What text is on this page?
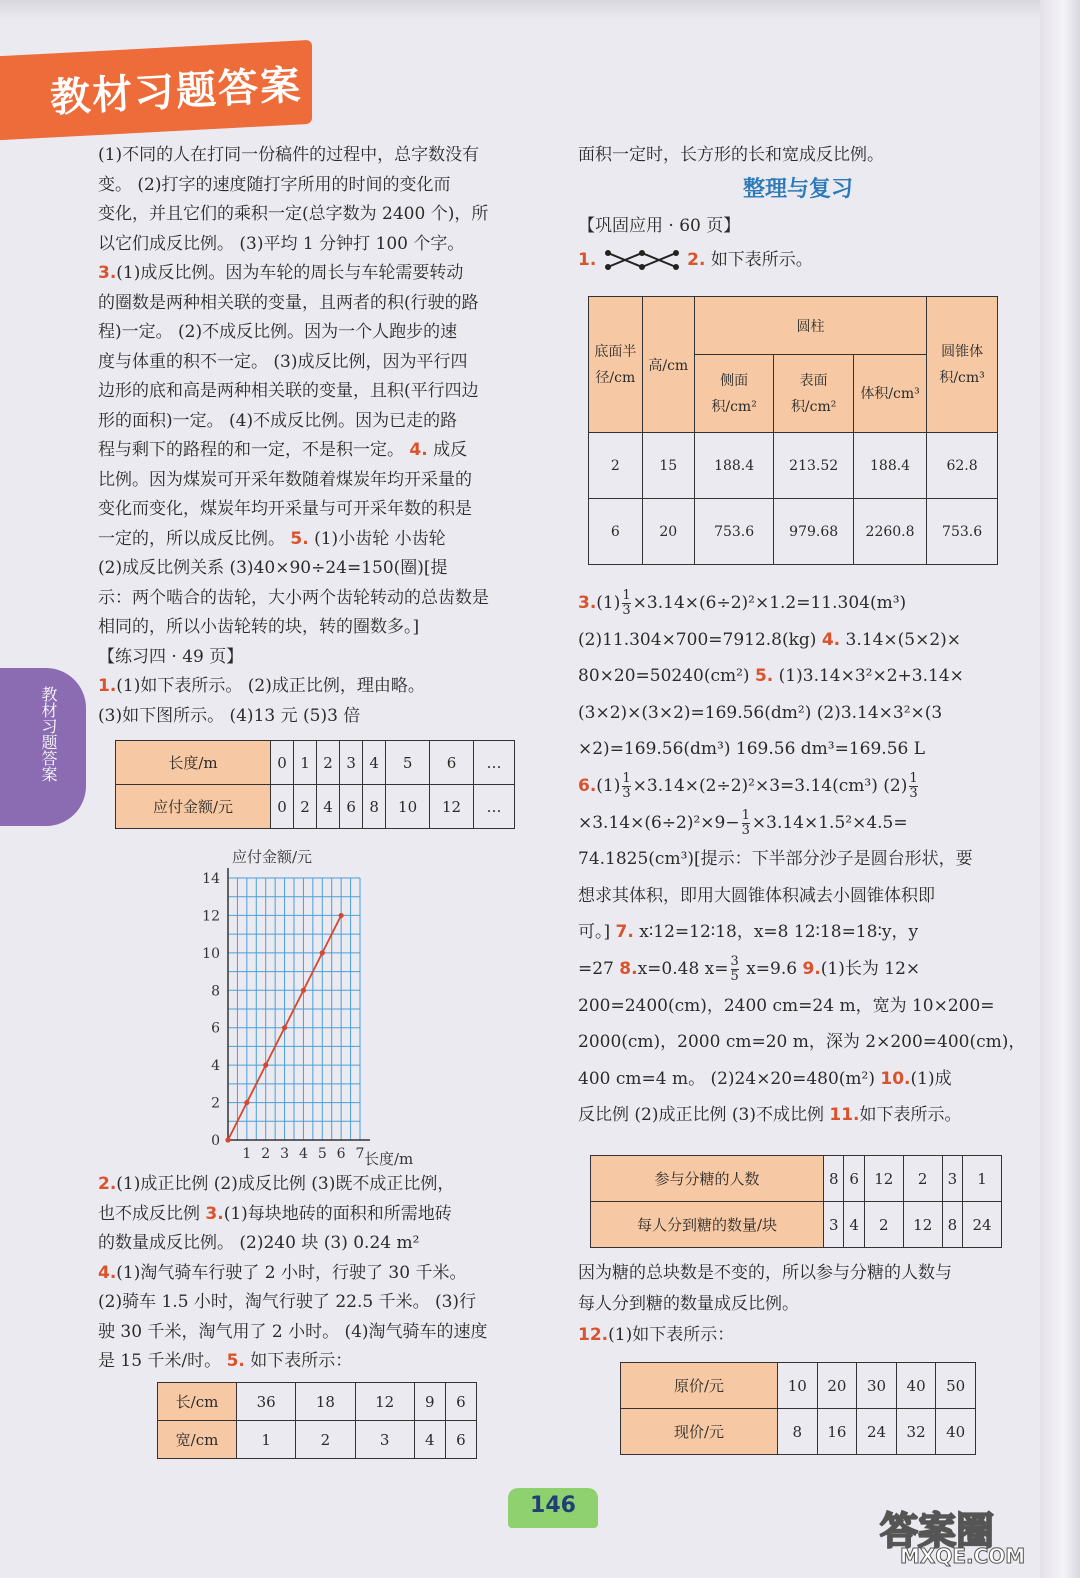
教材习题答案
教材习题答案

(1)不同的人在打同一份稿件的过程中，总字数没有

变。 (2)打字的速度随打字所用的时间的变化而

变化，并且它们的乘积一定(总字数为 2400 个)，所

以它们成反比例。 (3)平均 1 分钟打 100 个字。

3.(1)成反比例。因为车轮的周长与车轮需要转动

的圈数是两种相关联的变量，且两者的积(行驶的路

程)一定。 (2)不成反比例。因为一个人跑步的速

度与体重的积不一定。 (3)成反比例，因为平行四

边形的底和高是两种相关联的变量，且积(平行四边

形的面积)一定。 (4)不成反比例。因为已走的路

程与剩下的路程的和一定，不是积一定。 4. 成反

比例。因为煤炭可开采年数随着煤炭年均开采量的

变化而变化，煤炭年均开采量与可开采年数的积是

一定的，所以成反比例。 5. (1)小齿轮 小齿轮

(2)成反比例关系 (3)40×90÷24=150(圈)[提

示：两个啮合的齿轮，大小两个齿轮转动的总齿数是

相同的，所以小齿轮转的块，转的圈数多。]

【练习四 · 49 页】

1.(1)如下表所示。 (2)成正比例，理由略。

(3)如下图所示。 (4)13 元 (5)3 倍

长度/m	0	1	2	3	4	5	6	…
应付金额/元	0	2	4	6	8	10	12	…
1 2 3 4 5 6 7
0
2
4
6
8
10
12
14
长度/m
应付金额/元

2.(1)成正比例 (2)成反比例 (3)既不成正比例，

也不成反比例 3.(1)每块地砖的面积和所需地砖

的数量成反比例。 (2)240 块 (3) 0.24 m²

4.(1)淘气骑车行驶了 2 小时，行驶了 30 千米。

(2)骑车 1.5 小时，淘气行驶了 22.5 千米。 (3)行

驶 30 千米，淘气用了 2 小时。 (4)淘气骑车的速度

是 15 千米/时。 5. 如下表所示：

长/cm	36	18	12	9	6
宽/cm	1	2	3	4	6

面积一定时，长方形的长和宽成反比例。

整理与复习

【巩固应用 · 60 页】

1.	2. 如下表所示。

底面半径/cm	高/cm	圆柱			圆锥体积/cm³
		侧面积/cm²	表面积/cm²	体积/cm³	
2	15	188.4	213.52	188.4	62.8
6	20	753.6	979.68	2260.8	753.6

$3.(1) \frac{1}{3} \times 3.14\times(6\div 2)^2\times 1.2=11.304(m^3)$

(2)11.304×700=7912.8(kg) 4. 3.14×(5×2)×

80×20=50240(cm²) 5. (1)3.14×3²×2+3.14×

(3×2)×(3×2)=169.56(dm²) (2)3.14×3²×(3

×2)=169.56(dm³) 169.56 dm³=169.56 L

$6.(1) \frac{1}{3} \times 3.14\times(2\div 2)^2\times 3=3.14(cm^3)$ $(2) \frac{1}{3}$

$\times 3.14\times(6\div 2)^2\times 9- \frac{1}{3} \times 3.14\times 1.5^2\times 4.5=$

74.1825(cm³)[提示：下半部分沙子是圆台形状，要

想求其体积，即用大圆锥体积减去小圆锥体积即

可。] 7. x∶12=12∶18，x=8 12∶18=18∶y，y

=27 8.x=0.48 $x= \frac{3}{5} x=9.6$ 9.(1)长为 12×

200=2400(cm)，2400 cm=24 m，宽为 10×200=

2000(cm)，2000 cm=20 m，深为 2×200=400(cm)，

400 cm=4 m。 (2)24×20=480(m²) 10.(1)成

反比例 (2)成正比例 (3)不成比例 11.如下表所示。

参与分糖的人数	8	6	12	2	3	1
每人分到糖的数量/块	3	4	2	12	8	24

因为糖的总块数是不变的，所以参与分糖的人数与

每人分到糖的数量成反比例。

12.(1)如下表所示：

原价/元	10	20	30	40	50
现价/元	8	16	24	32	40
146
答案圈
MXQE.COM
